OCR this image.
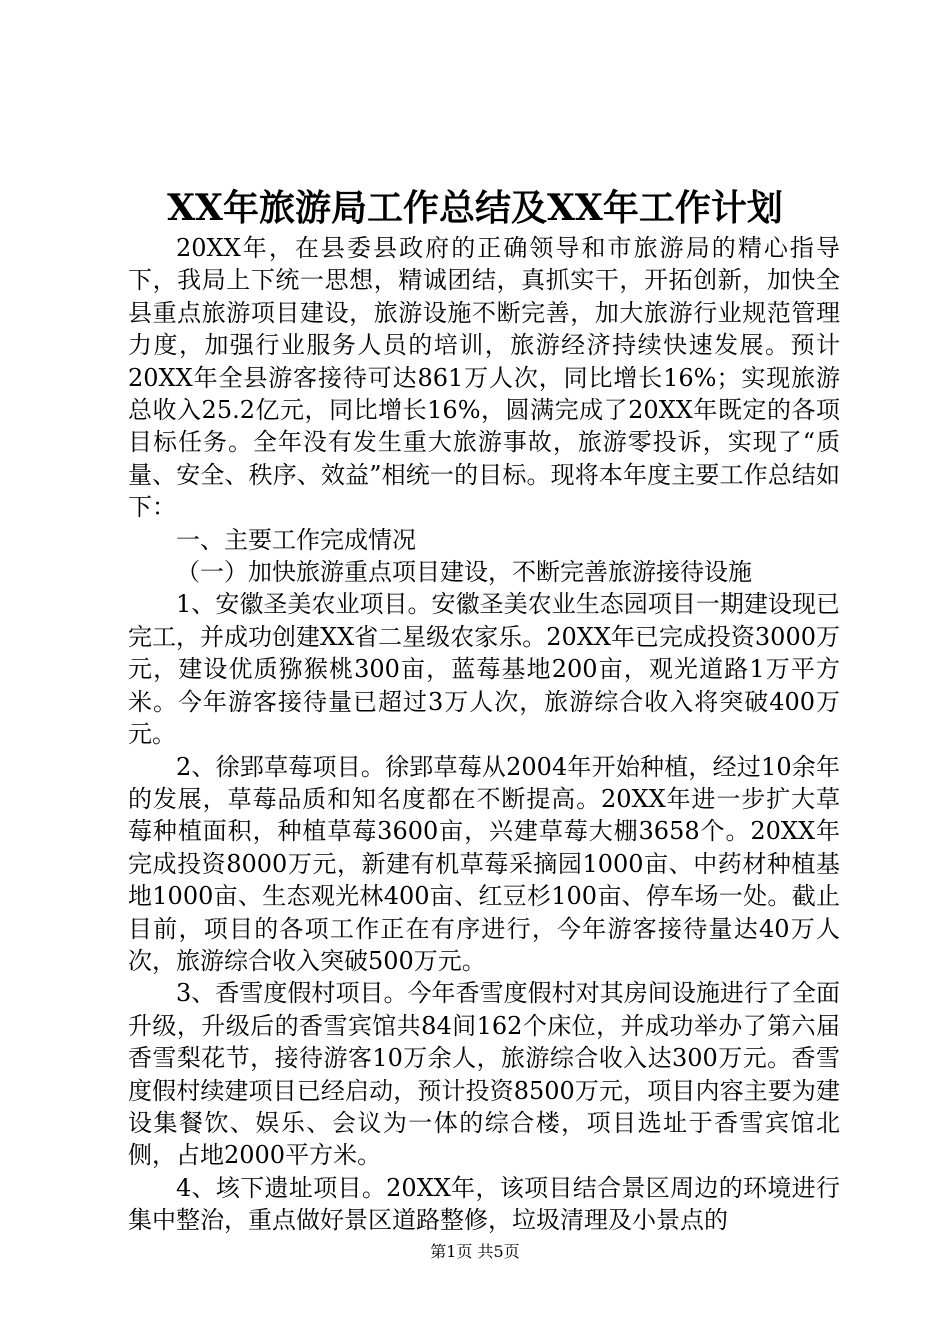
XX年旅游局工作总结及XX年工作计划

20XX年，在县委县政府的正确领导和市旅游局的精心指导下，我局上下统一思想，精诚团结，真抓实干，开拓创新，加快全县重点旅游项目建设，旅游设施不断完善，加大旅游行业规范管理力度，加强行业服务人员的培训，旅游经济持续快速发展。预计20XX年全县游客接待可达861万人次，同比增长16%；实现旅游总收入25.2亿元，同比增长16%，圆满完成了20XX年既定的各项目标任务。全年没有发生重大旅游事故，旅游零投诉，实现了“质量、安全、秩序、效益”相统一的目标。现将本年度主要工作总结如下：

一、主要工作完成情况

（一）加快旅游重点项目建设，不断完善旅游接待设施

1、安徽圣美农业项目。安徽圣美农业生态园项目一期建设现已完工，并成功创建XX省二星级农家乐。20XX年已完成投资3000万元，建设优质猕猴桃300亩，蓝莓基地200亩，观光道路1万平方米。今年游客接待量已超过3万人次，旅游综合收入将突破400万元。

2、徐郢草莓项目。徐郢草莓从2004年开始种植，经过10余年的发展，草莓品质和知名度都在不断提高。20XX年进一步扩大草莓种植面积，种植草莓3600亩，兴建草莓大棚3658个。20XX年完成投资8000万元，新建有机草莓采摘园1000亩、中药材种植基地1000亩、生态观光林400亩、红豆杉100亩、停车场一处。截止目前，项目的各项工作正在有序进行，今年游客接待量达40万人次，旅游综合收入突破500万元。

3、香雪度假村项目。今年香雪度假村对其房间设施进行了全面升级，升级后的香雪宾馆共84间162个床位，并成功举办了第六届香雪梨花节，接待游客10万余人，旅游综合收入达300万元。香雪度假村续建项目已经启动，预计投资8500万元，项目内容主要为建设集餐饮、娱乐、会议为一体的综合楼，项目选址于香雪宾馆北侧，占地2000平方米。

4、垓下遗址项目。20XX年，该项目结合景区周边的环境进行集中整治，重点做好景区道路整修，垃圾清理及小景点的

第1页 共5页
